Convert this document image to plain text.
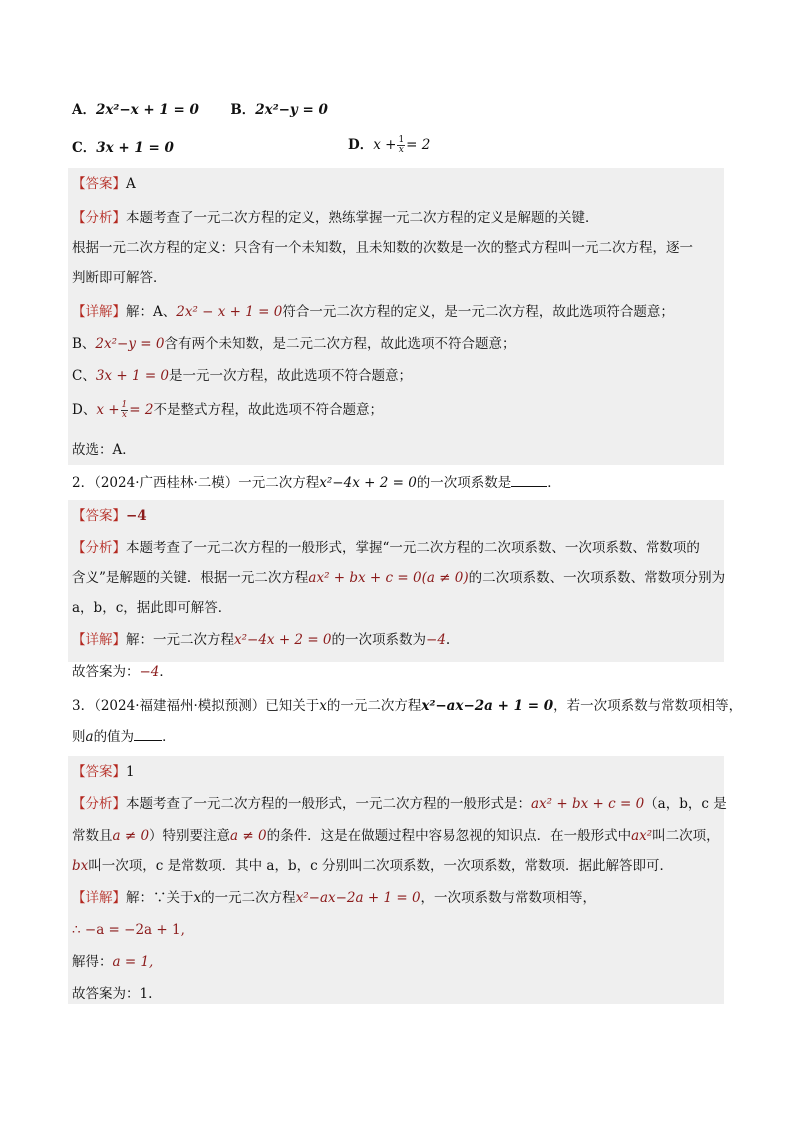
A．2x²−x + 1 = 0 B．2x²−y = 0
C．3x + 1 = 0	D．$x + \frac{1}{x} = 2$
【答案】A
【分析】本题考查了一元二次方程的定义，熟练掌握一元二次方程的定义是解题的关键．
根据一元二次方程的定义：只含有一个未知数，且未知数的次数是一次的整式方程叫一元二次方程，逐一
判断即可解答．
【详解】解：A、2x² − x + 1 = 0符合一元二次方程的定义，是一元二次方程，故此选项符合题意；
B、2x²−y = 0含有两个未知数，是二元二次方程，故此选项不符合题意；
C、3x + 1 = 0是一元一次方程，故此选项不符合题意；
D、$x + \frac{1}{x} = 2$不是整式方程，故此选项不符合题意；
故选：A．
2．（2024·广西桂林·二模）一元二次方程x²−4x + 2 = 0的一次项系数是	．
【答案】−4
【分析】本题考查了一元二次方程的一般形式，掌握“一元二次方程的二次项系数、一次项系数、常数项的
含义”是解题的关键．根据一元二次方程ax² + bx + c = 0(a ≠ 0)的二次项系数、一次项系数、常数项分别为
a，b，c，据此即可解答．
【详解】解：一元二次方程x²−4x + 2 = 0的一次项系数为−4.
故答案为：−4．
3．（2024·福建福州·模拟预测）已知关于x的一元二次方程x²−ax−2a + 1 = 0，若一次项系数与常数项相等，
则a的值为 ．
【答案】1
【分析】本题考查了一元二次方程的一般形式，一元二次方程的一般形式是：ax² + bx + c = 0（a，b，c 是
常数且a ≠ 0）特别要注意a ≠ 0的条件．这是在做题过程中容易忽视的知识点．在一般形式中ax²叫二次项，
bx叫一次项，c 是常数项．其中 a，b，c 分别叫二次项系数，一次项系数，常数项．据此解答即可．
【详解】解：∵关于x的一元二次方程x²−ax−2a + 1 = 0，一次项系数与常数项相等，
∴ −a = −2a + 1,
解得：a = 1,
故答案为：1.
